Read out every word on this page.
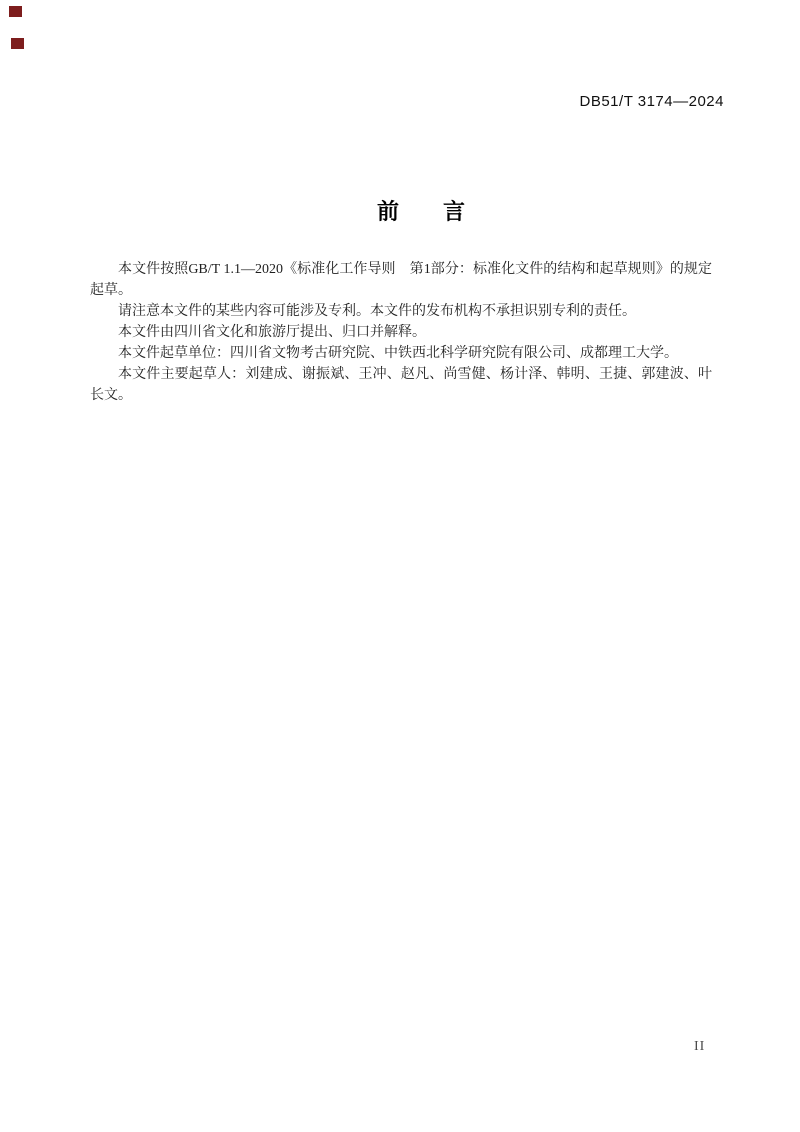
DB51/T 3174—2024
前　　言

本文件按照GB/T 1.1—2020《标准化工作导则　第1部分：标准化文件的结构和起草规则》的规定起草。

请注意本文件的某些内容可能涉及专利。本文件的发布机构不承担识别专利的责任。

本文件由四川省文化和旅游厅提出、归口并解释。

本文件起草单位：四川省文物考古研究院、中铁西北科学研究院有限公司、成都理工大学。

本文件主要起草人：刘建成、谢振斌、王冲、赵凡、尚雪健、杨计泽、韩明、王捷、郭建波、叶长文。

II
